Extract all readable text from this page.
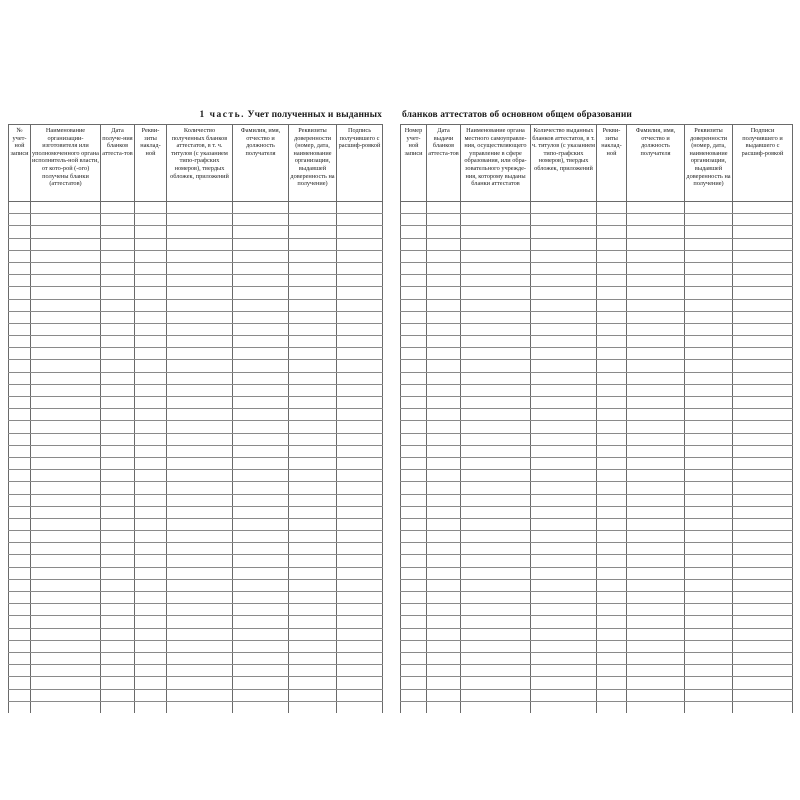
1 часть. Учет полученных и выданных
№ учет-ной записи	Наименование организации-изготовителя или уполномоченного органа исполнитель-ной власти, от кото-рой (-ого) получены бланки (аттестатов)	Дата получе-ния бланков аттеста-тов	Рекви-зиты наклад-ной	Количество полученных бланков аттестатов, в т. ч. титулов (с указанием типо-графских номеров), твердых обложек, приложений	Фамилия, имя, отчество и должность получателя	Реквизиты доверенности (номер, дата, наименование организации, выдавшей доверенность на получение)	Подпись получившего с расшиф-ровкой

бланков аттестатов об основном общем образовании
Номер учет-ной записи	Дата выдачи бланков аттеста-тов	Наименование органа местного самоуправле-ния, осуществляющего управление в сфере образования, или обра-зовательного учрежде-ния, которому выданы бланки аттестатов	Количество выданных бланков аттестатов, в т. ч. титулов (с указанием типо-графских номеров), твердых обложек, приложений	Рекви-зиты наклад-ной	Фамилия, имя, отчество и должность получателя	Реквизиты доверенности (номер, дата, наименование организации, выдавшей доверенность на получение)	Подписи получившего и выдавшего с расшиф-ровкой
